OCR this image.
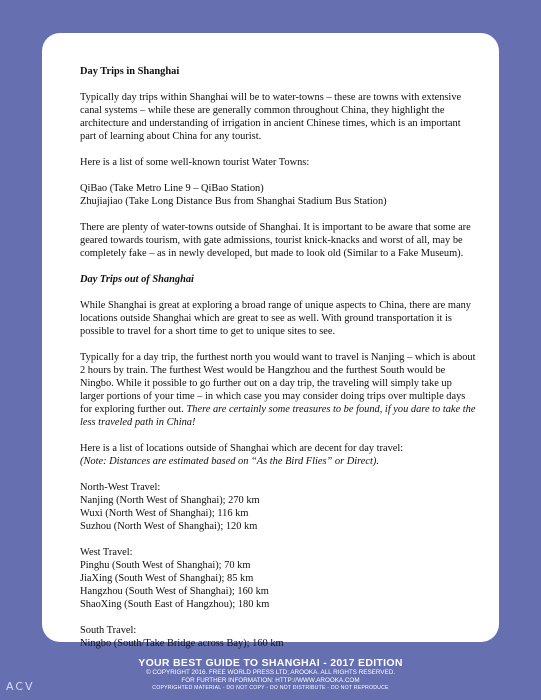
Day Trips in Shanghai

Typically day trips within Shanghai will be to water-towns – these are towns with extensive canal systems – while these are generally common throughout China, they highlight the architecture and understanding of irrigation in ancient Chinese times, which is an important part of learning about China for any tourist.

Here is a list of some well-known tourist Water Towns:

QiBao (Take Metro Line 9 – QiBao Station)
Zhujiajiao (Take Long Distance Bus from Shanghai Stadium Bus Station)

There are plenty of water-towns outside of Shanghai. It is important to be aware that some are geared towards tourism, with gate admissions, tourist knick-knacks and worst of all, may be completely fake – as in newly developed, but made to look old (Similar to a Fake Museum).

Day Trips out of Shanghai

While Shanghai is great at exploring a broad range of unique aspects to China, there are many locations outside Shanghai which are great to see as well. With ground transportation it is possible to travel for a short time to get to unique sites to see.

Typically for a day trip, the furthest north you would want to travel is Nanjing – which is about 2 hours by train. The furthest West would be Hangzhou and the furthest South would be Ningbo. While it possible to go further out on a day trip, the traveling will simply take up larger portions of your time – in which case you may consider doing trips over multiple days for exploring further out. There are certainly some treasures to be found, if you dare to take the less traveled path in China!

Here is a list of locations outside of Shanghai which are decent for day travel:
(Note: Distances are estimated based on “As the Bird Flies” or Direct).
North-West Travel:
Nanjing (North West of Shanghai); 270 km
Wuxi (North West of Shanghai); 116 km
Suzhou (North West of Shanghai); 120 km
West Travel:
Pinghu (South West of Shanghai); 70 km
JiaXing (South West of Shanghai); 85 km
Hangzhou (South West of Shanghai); 160 km
ShaoXing (South East of Hangzhou); 180 km
South Travel:
Ningbo (South/Take Bridge across Bay); 160 km
YOUR BEST GUIDE TO SHANGHAI - 2017 EDITION
© COPYRIGHT 2016. FREE WORLD PRESS LTD; AROOKA. ALL RIGHTS RESERVED.
FOR FURTHER INFORMATION: HTTP://WWW.AROOKA.COM
COPYRIGHTED MATERIAL - DO NOT COPY - DO NOT DISTRIBUTE - DO NOT REPRODUCE
ACV
